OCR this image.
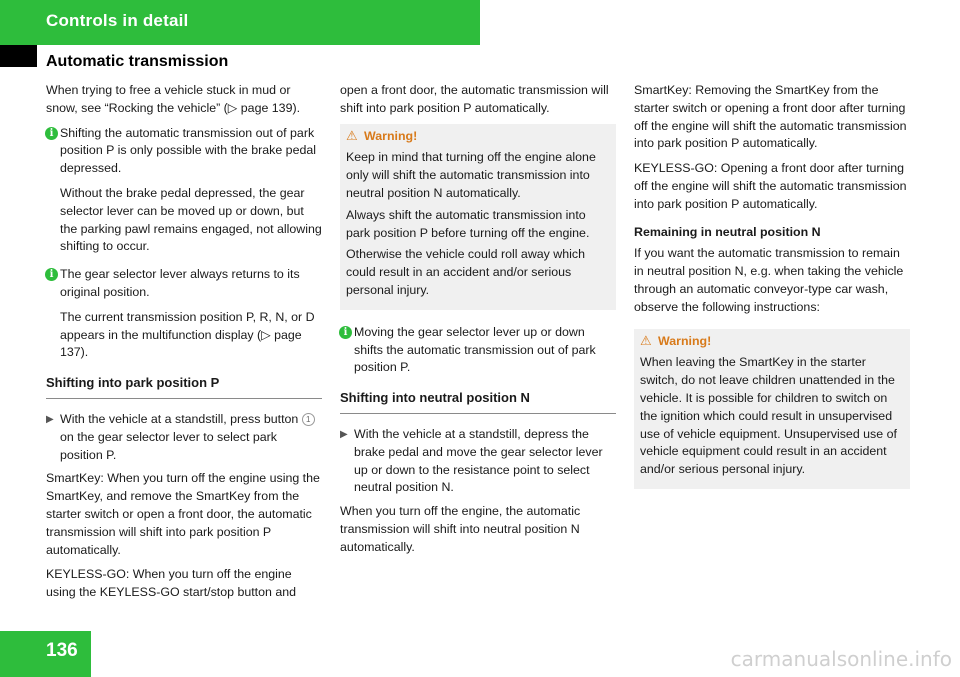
Controls in detail
Automatic transmission

When trying to free a vehicle stuck in mud or snow, see “Rocking the vehicle” (▷ page 139).

i Shifting the automatic transmission out of park position P is only possible with the brake pedal depressed.

Without the brake pedal depressed, the gear selector lever can be moved up or down, but the parking pawl remains engaged, not allowing shifting to occur.

i The gear selector lever always returns to its original position.

The current transmission position P, R, N, or D appears in the multifunction display (▷ page 137).

Shifting into park position P
▶ With the vehicle at a standstill, press button 1 on the gear selector lever to select park position P.

SmartKey: When you turn off the engine using the SmartKey, and remove the SmartKey from the starter switch or open a front door, the automatic transmission will shift into park position P automatically.

KEYLESS-GO: When you turn off the engine using the KEYLESS-GO start/stop button and

open a front door, the automatic transmission will shift into park position P automatically.

⚠ Warning!

Keep in mind that turning off the engine alone only will shift the automatic transmission into neutral position N automatically.

Always shift the automatic transmission into park position P before turning off the engine.

Otherwise the vehicle could roll away which could result in an accident and/or serious personal injury.

i Moving the gear selector lever up or down shifts the automatic transmission out of park position P.

Shifting into neutral position N
▶ With the vehicle at a standstill, depress the brake pedal and move the gear selector lever up or down to the resistance point to select neutral position N.

When you turn off the engine, the automatic transmission will shift into neutral position N automatically.

SmartKey: Removing the SmartKey from the starter switch or opening a front door after turning off the engine will shift the automatic transmission into park position P automatically.

KEYLESS-GO: Opening a front door after turning off the engine will shift the automatic transmission into park position P automatically.

Remaining in neutral position N

If you want the automatic transmission to remain in neutral position N, e.g. when taking the vehicle through an automatic conveyor-type car wash, observe the following instructions:

⚠ Warning!

When leaving the SmartKey in the starter switch, do not leave children unattended in the vehicle. It is possible for children to switch on the ignition which could result in unsupervised use of vehicle equipment. Unsupervised use of vehicle equipment could result in an accident and/or serious personal injury.

136	carmanualsonline.info
